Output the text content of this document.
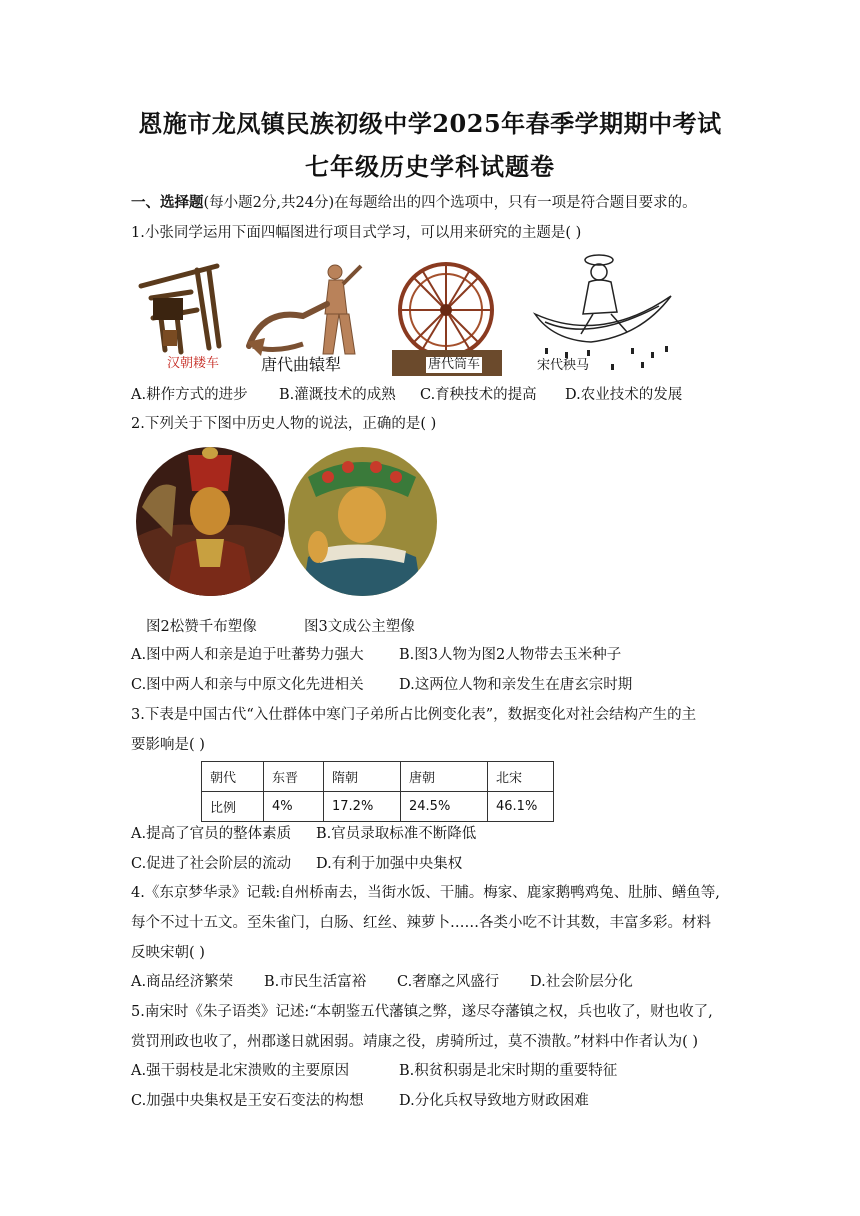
恩施市龙凤镇民族初级中学2025年春季学期期中考试
七年级历史学科试题卷
一、选择题(每小题2分,共24分)在每题给出的四个选项中，只有一项是符合题目要求的。
1.小张同学运用下面四幅图进行项目式学习，可以用来研究的主题是( )
汉朝耧车	唐代曲辕犁	唐代筒车	宋代秧马
A.耕作方式的进步 B.灌溉技术的成熟 C.育秧技术的提高 D.农业技术的发展
2.下列关于下图中历史人物的说法，正确的是( )
图2松赞千布塑像	图3文成公主塑像
A.图中两人和亲是迫于吐蕃势力强大 B.图3人物为图2人物带去玉米种子
C.图中两人和亲与中原文化先进相关 D.这两位人物和亲发生在唐玄宗时期
3.下表是中国古代“入仕群体中寒门子弟所占比例变化表”，数据变化对社会结构产生的主
要影响是( )
朝代	东晋	隋朝	唐朝	北宋
比例	4%	17.2%	24.5%	46.1%
A.提高了官员的整体素质 B.官员录取标准不断降低
C.促进了社会阶层的流动 D.有利于加强中央集权
4.《东京梦华录》记载:自州桥南去，当街水饭、干脯。梅家、鹿家鹅鸭鸡兔、肚肺、鳝鱼等,
每个不过十五文。至朱雀门，白肠、红丝、辣萝卜……各类小吃不计其数，丰富多彩。材料
反映宋朝( )
A.商品经济繁荣 B.市民生活富裕 C.奢靡之风盛行 D.社会阶层分化
5.南宋时《朱子语类》记述:“本朝鉴五代藩镇之弊，遂尽夺藩镇之权，兵也收了，财也收了,
赏罚刑政也收了，州郡遂日就困弱。靖康之役，虏骑所过，莫不溃散。”材料中作者认为( )
A.强干弱枝是北宋溃败的主要原因	B.积贫积弱是北宋时期的重要特征
C.加强中央集权是王安石变法的构想 D.分化兵权导致地方财政困难
